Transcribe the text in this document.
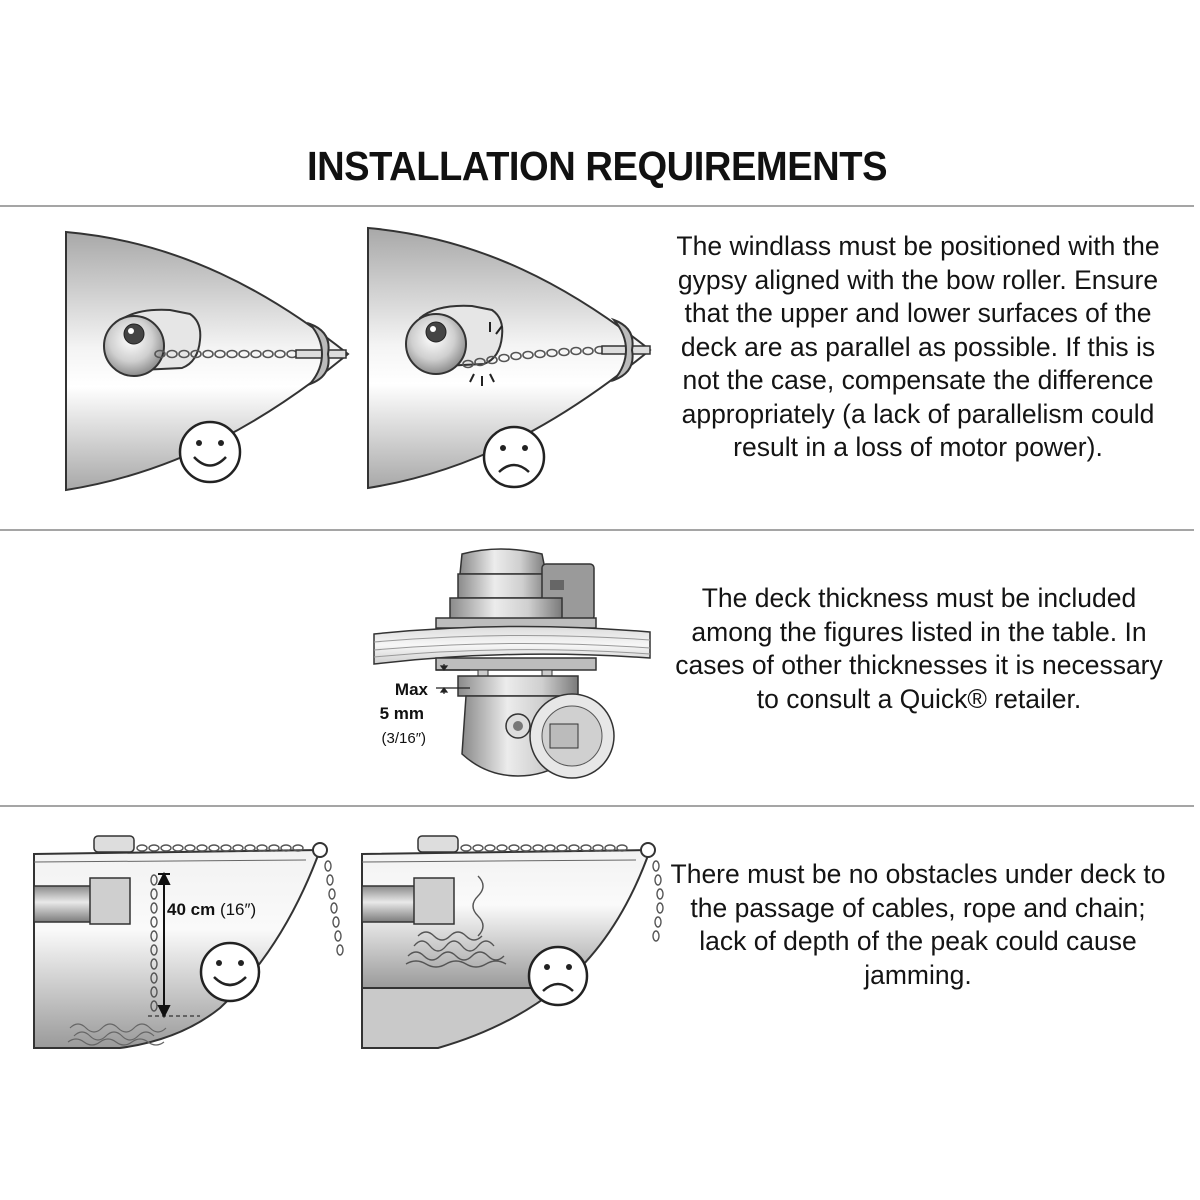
INSTALLATION REQUIREMENTS
The windlass must be positioned with the gypsy aligned with the bow roller. Ensure that the upper and lower surfaces of the deck are as parallel as possible. If this is not the case, compensate the difference appropriately (a lack of parallelism could result in a loss of motor power).
Max
5 mm
(3/16″)
The deck thickness must be included among the figures listed in the table. In cases of other thicknesses it is necessary to consult a Quick® retailer.
40 cm (16″)
There must be no obstacles under deck to the passage of cables, rope and chain; lack of depth of the peak could cause jamming.
